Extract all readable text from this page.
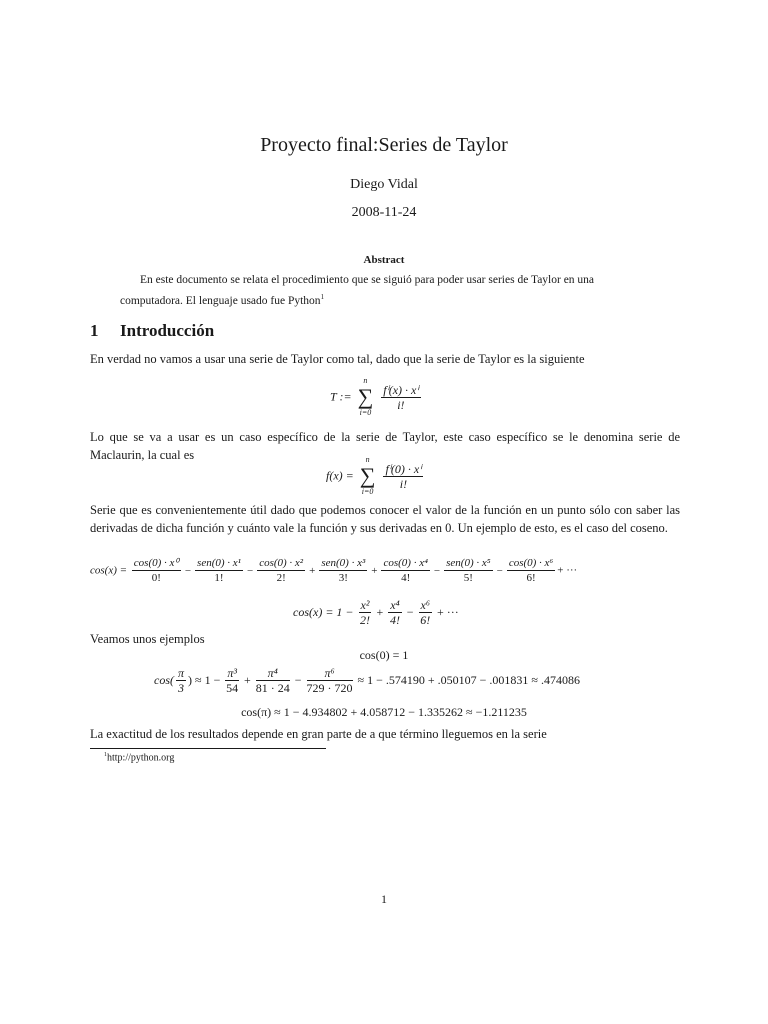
Proyecto final:Series de Taylor
Diego Vidal
2008-11-24
Abstract
En este documento se relata el procedimiento que se siguió para poder usar series de Taylor en una computadora. El lenguaje usado fue Python$^1$
1 Introducción
En verdad no vamos a usar una serie de Taylor como tal, dado que la serie de Taylor es la siguiente
T :=
n
∑
i=0

$\frac{\text{fⁱ(x) · xⁱ}}{i!}$
Lo que se va a usar es un caso específico de la serie de Taylor, este caso específico se le denomina serie de Maclaurin, la cual es
f(x) =
n
∑
i=0

$\frac{\text{fⁱ(0) · xⁱ}}{i!}$
Serie que es convenientemente útil dado que podemos conocer el valor de la función en un punto sólo con saber las derivadas de dicha función y cuánto vale la función y sus derivadas en 0. Un ejemplo de esto, es el caso del coseno.
$\cos(x) = \frac{\text{cos(0) · x⁰}}{0!} - \frac{\text{sen(0) · x¹}}{1!} - \frac{\text{cos(0) · x²}}{2!} + \frac{\text{sen(0) · x³}}{3!} + \frac{\text{cos(0) · x⁴}}{4!} - \frac{\text{sen(0) · x⁵}}{5!} - \frac{\text{cos(0) · x⁶}}{6!}$ + ···
$\cos(x) = 1 - \frac{\text{x²}}{2!} + \frac{\text{x⁴}}{4!} - \frac{\text{x⁶}}{6!}$ + ···
Veamos unos ejemplos
cos(0) = 1
$\cos( \frac{\pi}{3}$ ) ≈ $1 - \frac{\text{π³}}{54} + \frac{\text{π⁴}}{81 \cdot 24} - \frac{\text{π⁶}}{729 \cdot 720} \approx 1 - .574190 + .050107 - .001831 \approx .474086$
cos(π) ≈ 1 − 4.934802 + 4.058712 − 1.335262 ≈ −1.211235
La exactitud de los resultados depende en gran parte de a que término lleguemos en la serie
$^1$http://python.org
1
